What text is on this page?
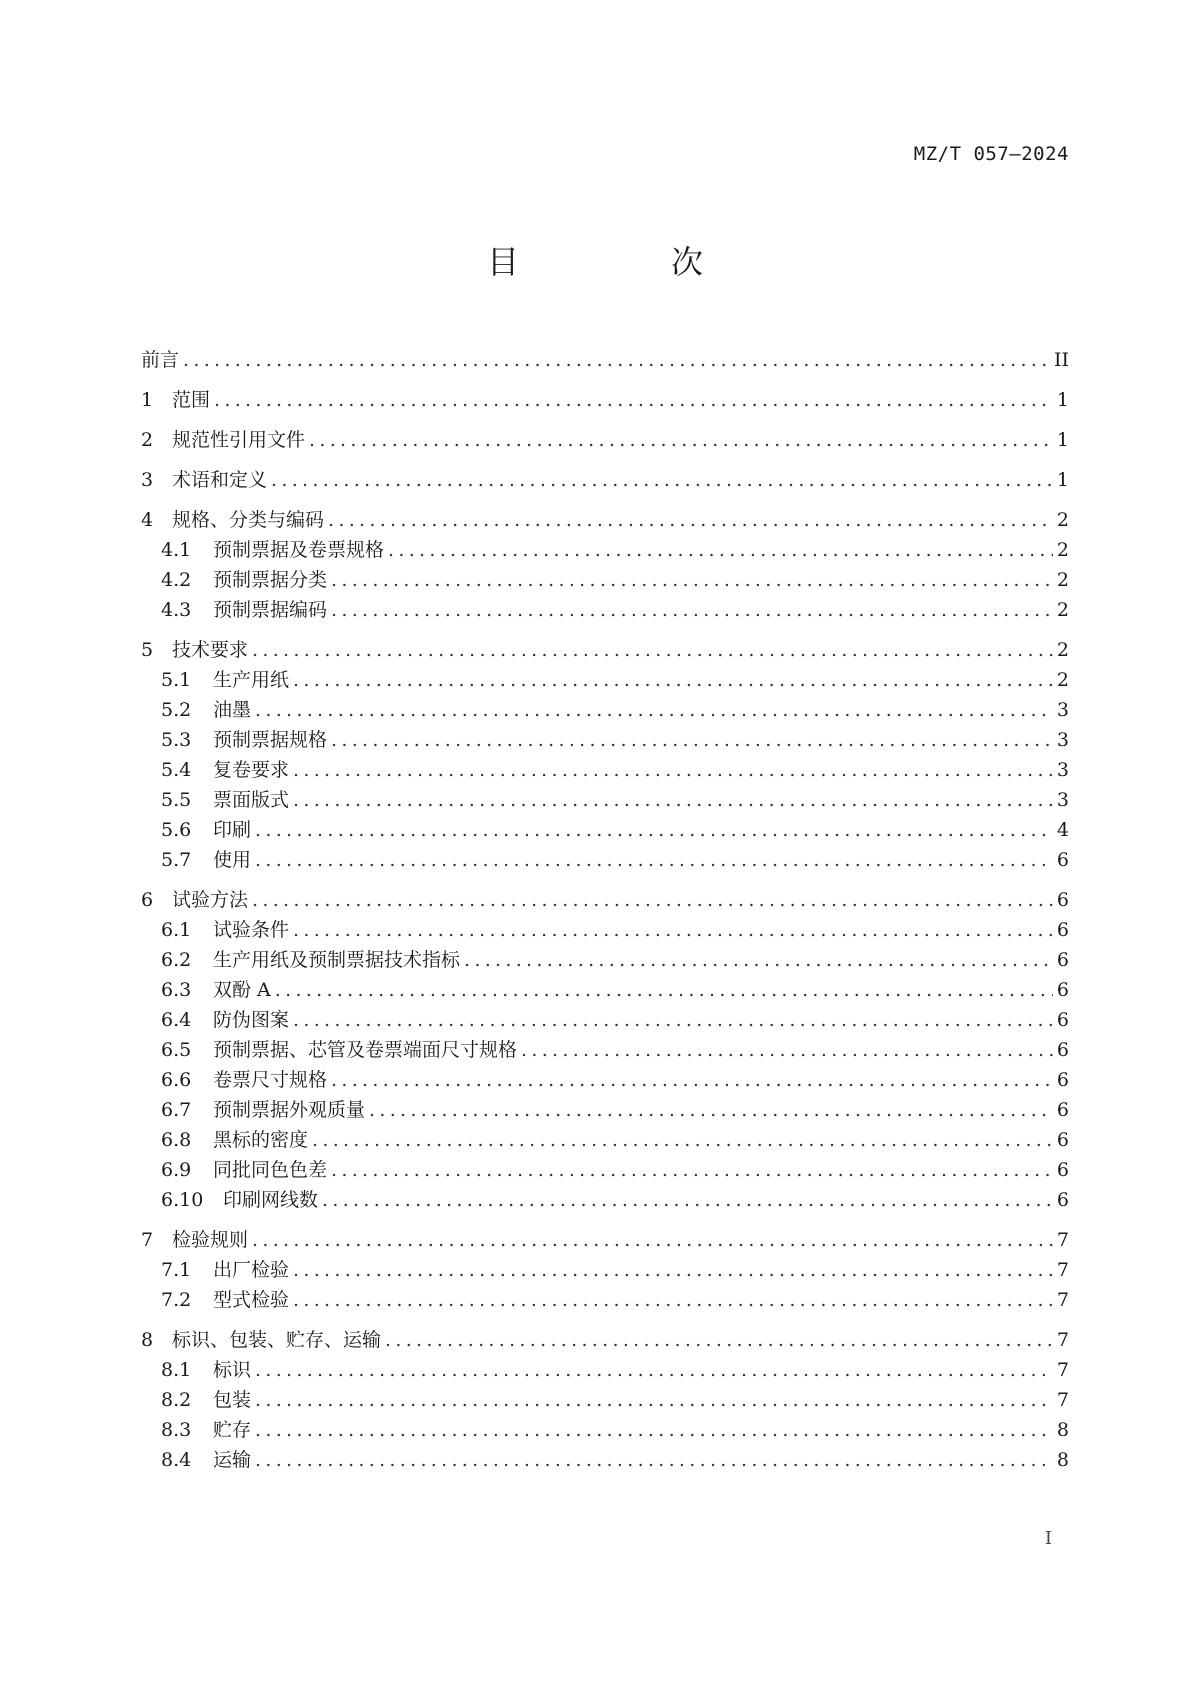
MZ/T 057—2024
目　次
前言 .....	II
1 范围 .....	1
2 规范性引用文件 .....	1
3 术语和定义 .....	1
4 规格、分类与编码 .....	2
4.1	预制票据及卷票规格 .....	2
4.2	预制票据分类 .....	2
4.3	预制票据编码 .....	2
5 技术要求 .....	2
5.1	生产用纸 .....	2
5.2	油墨 .....	3
5.3	预制票据规格 .....	3
5.4	复卷要求 .....	3
5.5	票面版式 .....	3
5.6	印刷 .....	4
5.7	使用 .....	6
6 试验方法 .....	6
6.1	试验条件 .....	6
6.2	生产用纸及预制票据技术指标 .....	6
6.3	双酚 A .....	6
6.4	防伪图案 .....	6
6.5	预制票据、芯管及卷票端面尺寸规格 .....	6
6.6	卷票尺寸规格 .....	6
6.7	预制票据外观质量 .....	6
6.8	黑标的密度 .....	6
6.9	同批同色色差 .....	6
6.10	印刷网线数 .....	6
7 检验规则 .....	7
7.1	出厂检验 .....	7
7.2	型式检验 .....	7
8 标识、包装、贮存、运输 .....	7
8.1	标识 .....	7
8.2	包装 .....	7
8.3	贮存 .....	8
8.4	运输 .....	8
I
